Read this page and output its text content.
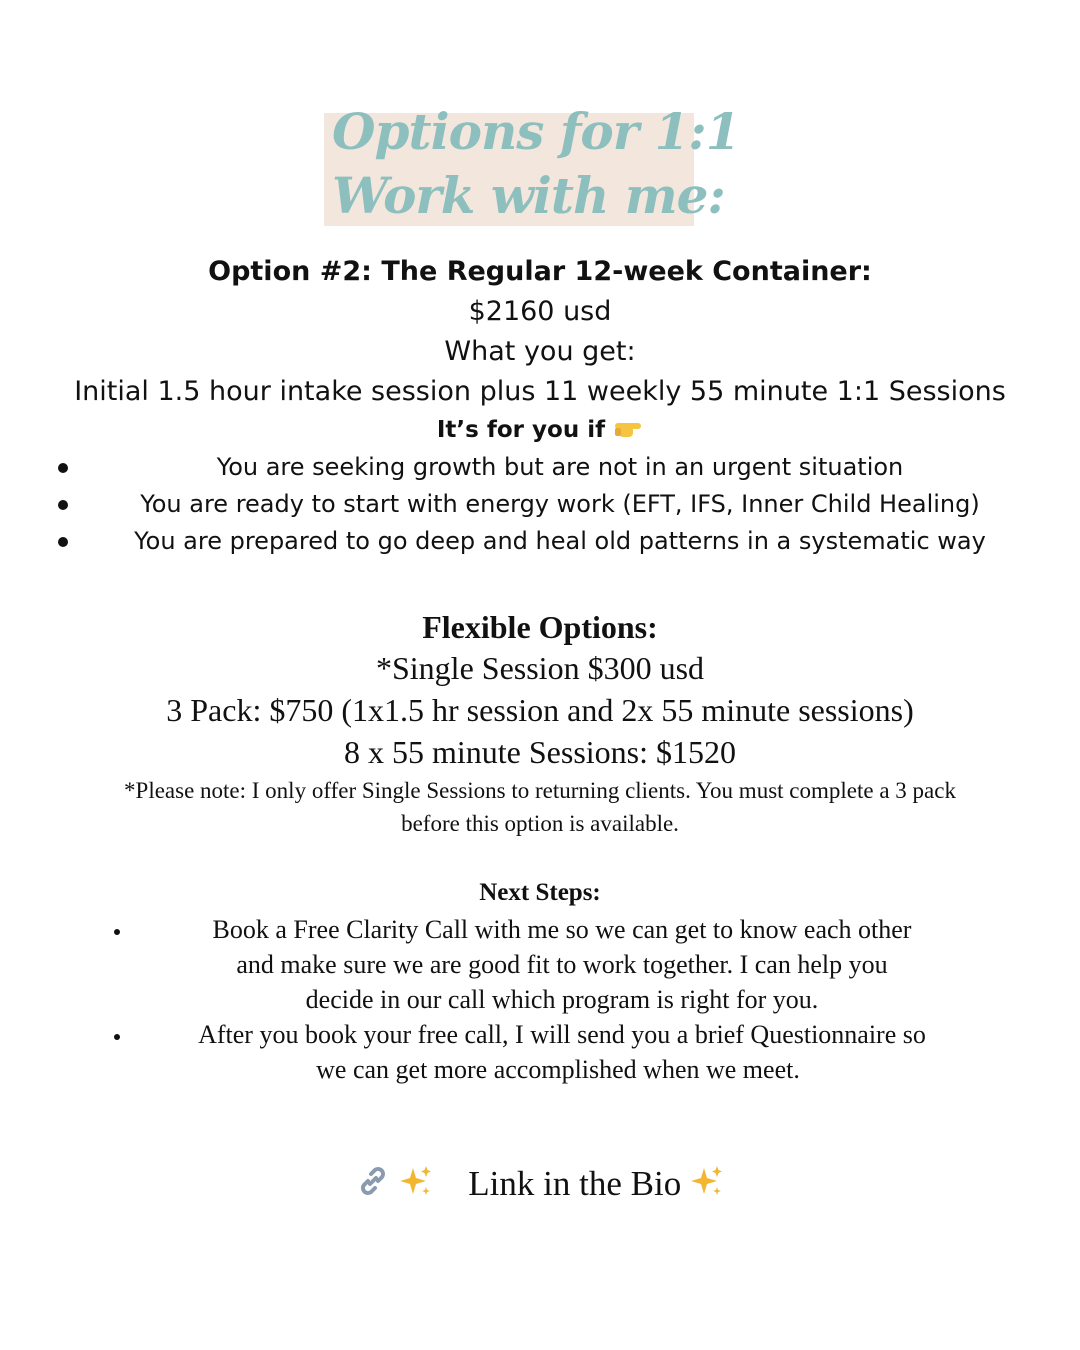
Options for 1:1
Work with me:
Option #2: The Regular 12-week Container:
$2160 usd
What you get:
Initial 1.5 hour intake session plus 11 weekly 55 minute 1:1 Sessions
It’s for you if
You are seeking growth but are not in an urgent situation
You are ready to start with energy work (EFT, IFS, Inner Child Healing)
You are prepared to go deep and heal old patterns in a systematic way
Flexible Options:
*Single Session $300 usd
3 Pack: $750 (1x1.5 hr session and 2x 55 minute sessions)
8 x 55 minute Sessions: $1520
*Please note: I only offer Single Sessions to returning clients. You must complete a 3 pack
before this option is available.
Next Steps:
Book a Free Clarity Call with me so we can get to know each other
and make sure we are good fit to work together. I can help you
decide in our call which program is right for you.
After you book your free call, I will send you a brief Questionnaire so
we can get more accomplished when we meet.
Link in the Bio
